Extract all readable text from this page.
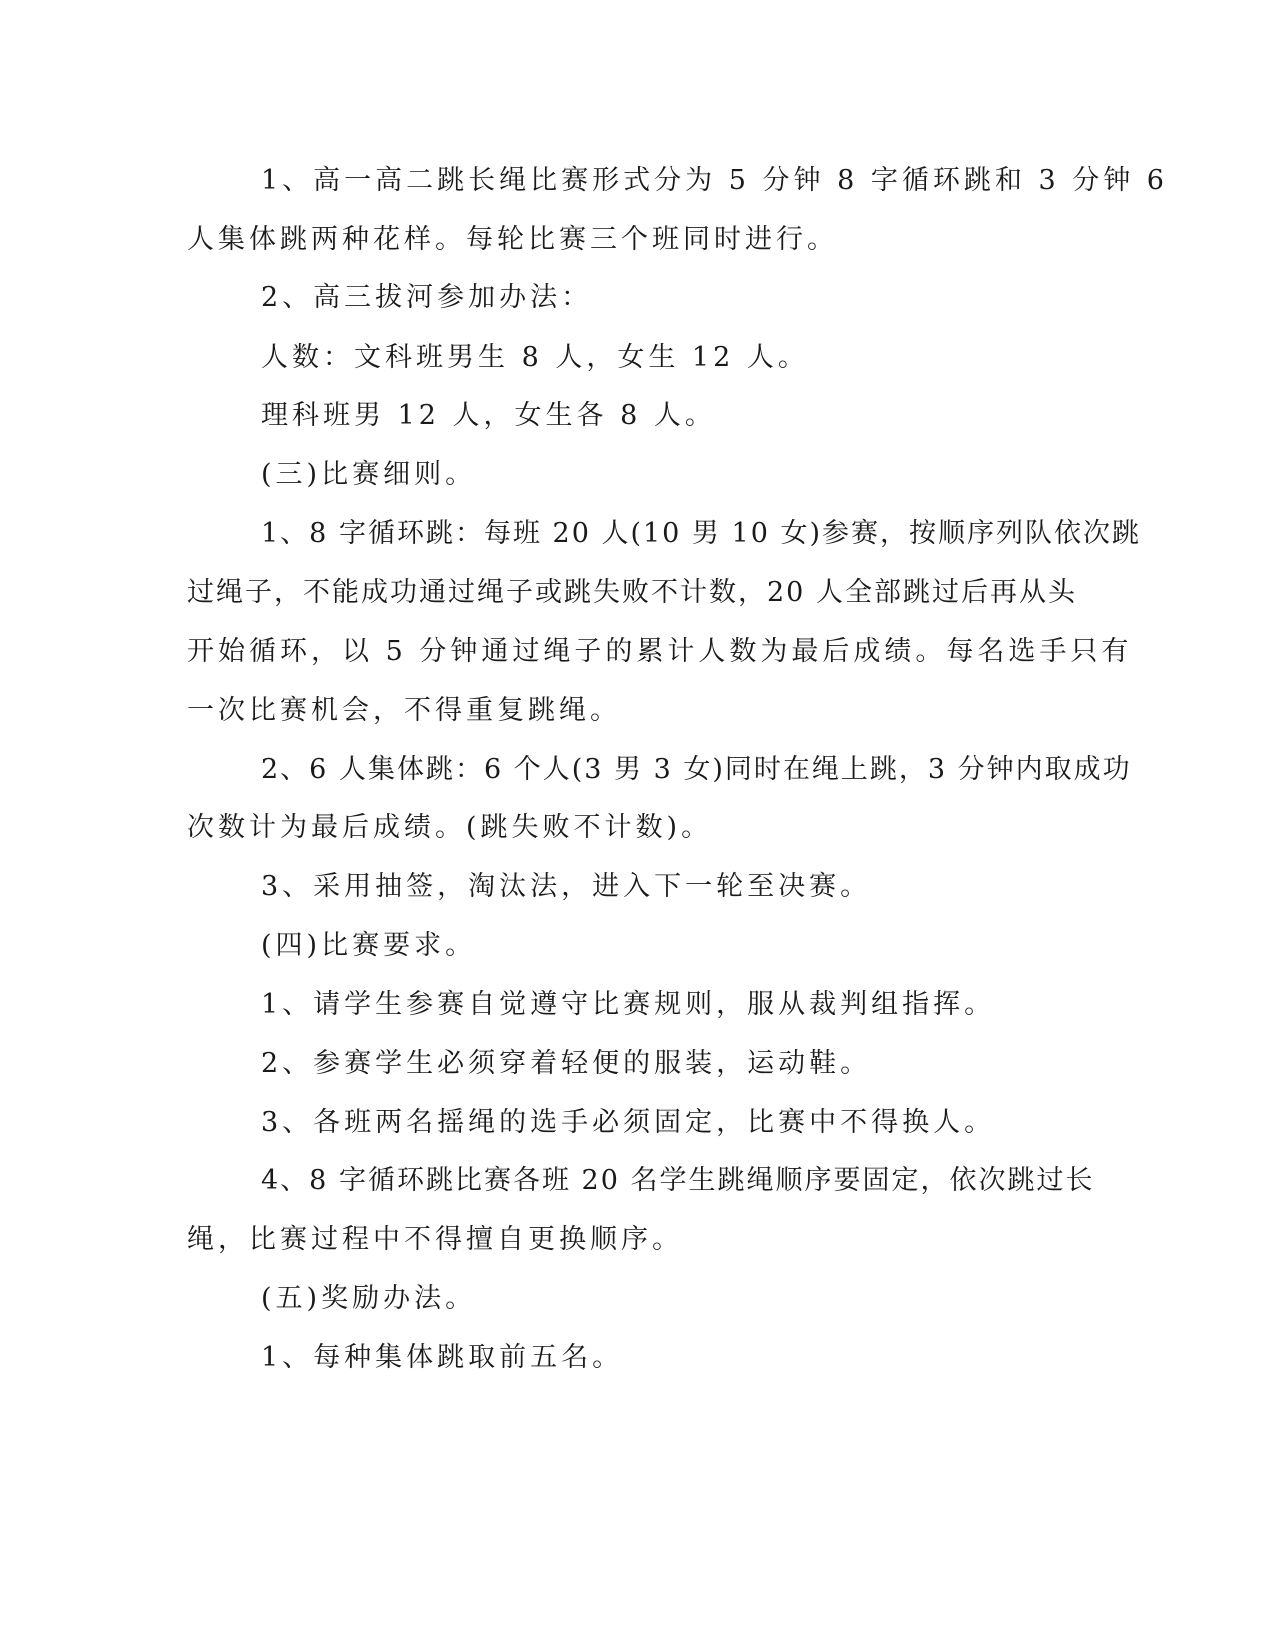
1、高一高二跳长绳比赛形式分为 5 分钟 8 字循环跳和 3 分钟 6
人集体跳两种花样。每轮比赛三个班同时进行。
2、高三拔河参加办法：
人数：文科班男生 8 人，女生 12 人。
理科班男 12 人，女生各 8 人。
(三)比赛细则。
1、8 字循环跳：每班 20 人(10 男 10 女)参赛，按顺序列队依次跳
过绳子，不能成功通过绳子或跳失败不计数，20 人全部跳过后再从头
开始循环，以 5 分钟通过绳子的累计人数为最后成绩。每名选手只有
一次比赛机会，不得重复跳绳。
2、6 人集体跳：6 个人(3 男 3 女)同时在绳上跳，3 分钟内取成功
次数计为最后成绩。(跳失败不计数)。
3、采用抽签，淘汰法，进入下一轮至决赛。
(四)比赛要求。
1、请学生参赛自觉遵守比赛规则，服从裁判组指挥。
2、参赛学生必须穿着轻便的服装，运动鞋。
3、各班两名摇绳的选手必须固定，比赛中不得换人。
4、8 字循环跳比赛各班 20 名学生跳绳顺序要固定，依次跳过长
绳，比赛过程中不得擅自更换顺序。
(五)奖励办法。
1、每种集体跳取前五名。
